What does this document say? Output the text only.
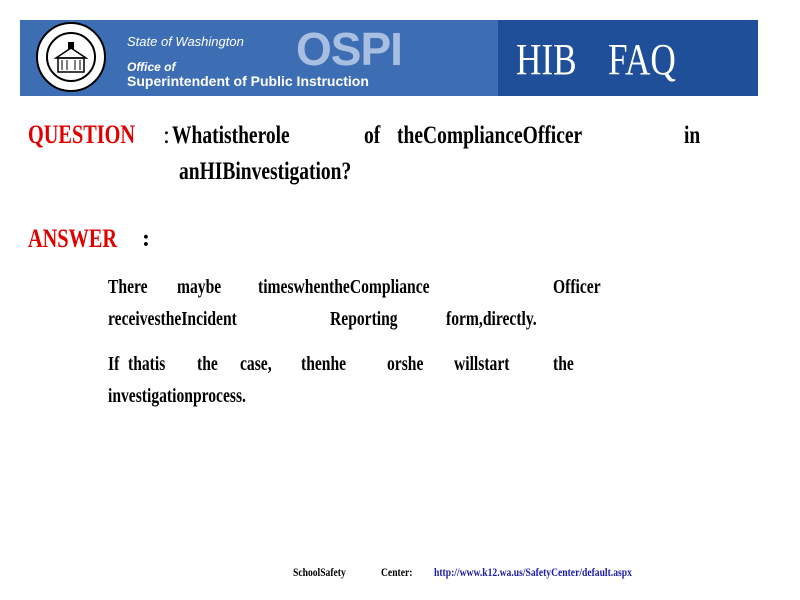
State of Washington
Office of
Superintendent of Public Instruction
OSPI	HIB FAQ
QUESTION : Whatistherole	of theComplianceOfficer	in
anHIBinvestigation?
ANSWER :
There maybe timeswhentheCompliance	Officer
receivestheIncident	Reporting form,directly.
If thatis the case, thenhe orshe willstart the
investigationprocess.
SchoolSafety	Center: http://www.k12.wa.us/SafetyCenter/default.aspx
